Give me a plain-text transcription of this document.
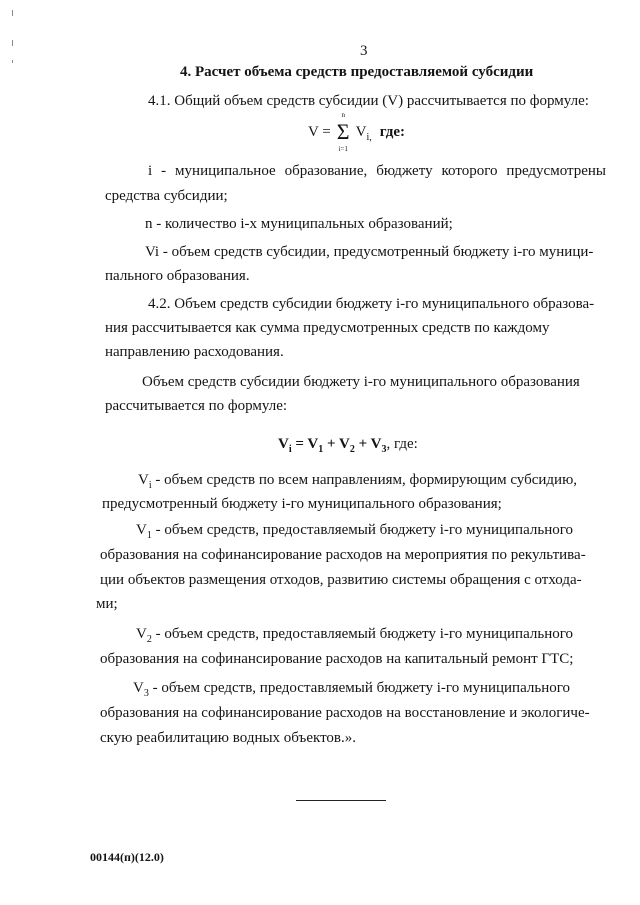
3
4. Расчет объема средств предоставляемой субсидии
4.1. Общий объем средств субсидии (V) рассчитывается по формуле:
V = Σ
n
i=1
$V_{i,}$ где:
i - муниципальное образование, бюджету которого предусмотрены
средства субсидии;
n - количество i-x муниципальных образований;
Vi - объем средств субсидии, предусмотренный бюджету i-го муници-
пального образования.
4.2. Объем средств субсидии бюджету i-го муниципального образова-
ния рассчитывается как сумма предусмотренных средств по каждому
направлению расходования.
Объем средств субсидии бюджету i-го муниципального образования
рассчитывается по формуле:
$V_i = V_1 + V_2 + V_3$, где:
$V_i$ - объем средств по всем направлениям, формирующим субсидию,
предусмотренный бюджету i-го муниципального образования;
$V_1$ - объем средств, предоставляемый бюджету i-го муниципального
образования на софинансирование расходов на мероприятия по рекультива-
ции объектов размещения отходов, развитию системы обращения с отхода-
ми;
$V_2$ - объем средств, предоставляемый бюджету i-го муниципального
образования на софинансирование расходов на капитальный ремонт ГТС;
$V_3$ - объем средств, предоставляемый бюджету i-го муниципального
образования на софинансирование расходов на восстановление и экологиче-
скую реабилитацию водных объектов.».
00144(п)(12.0)
